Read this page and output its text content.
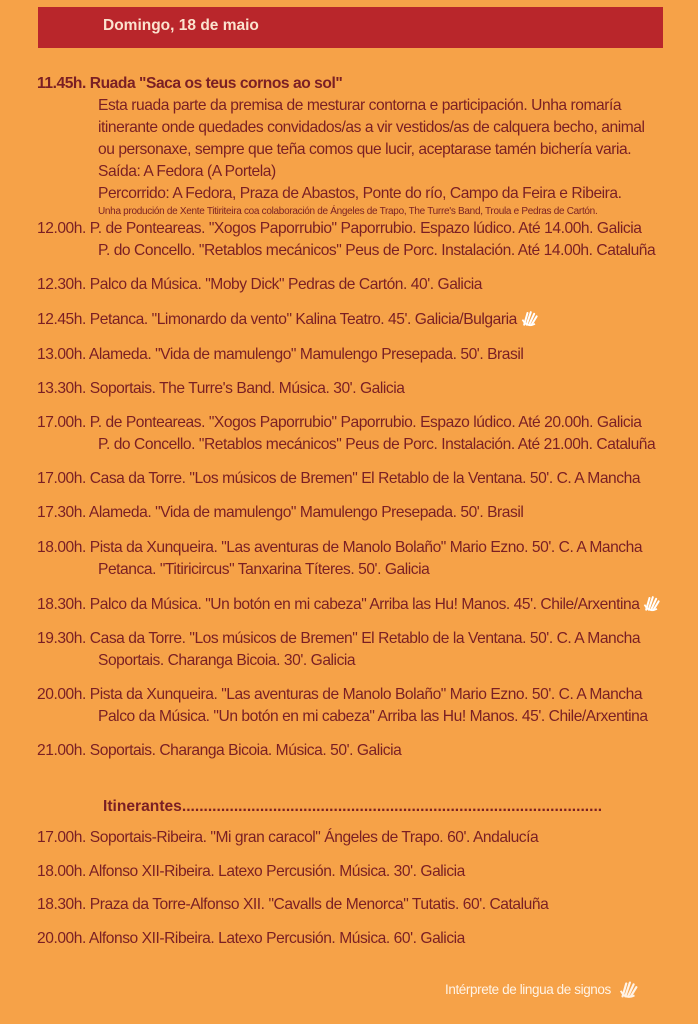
Domingo, 18 de maio
11.45h. Ruada "Saca os teus cornos ao sol"
Esta ruada parte da premisa de mesturar contorna e participación. Unha romaría
itinerante onde quedades convidados/as a vir vestidos/as de calquera becho, animal
ou personaxe, sempre que teña comos que lucir, aceptarase tamén bichería varia.
Saída: A Fedora (A Portela)
Percorrido: A Fedora, Praza de Abastos, Ponte do río, Campo da Feira e Ribeira.
Unha produción de Xente Titiriteira coa colaboración de Ángeles de Trapo, The Turre's Band, Troula e Pedras de Cartón.
12.00h. P. de Ponteareas. "Xogos Paporrubio" Paporrubio. Espazo lúdico. Até 14.00h. Galicia
P. do Concello. "Retablos mecánicos" Peus de Porc. Instalación. Até 14.00h. Cataluña
12.30h. Palco da Música. "Moby Dick" Pedras de Cartón. 40'. Galicia
12.45h. Petanca. "Limonardo da vento" Kalina Teatro. 45'. Galicia/Bulgaria
13.00h. Alameda. "Vida de mamulengo" Mamulengo Presepada. 50'. Brasil
13.30h. Soportais. The Turre's Band. Música. 30'. Galicia
17.00h. P. de Ponteareas. "Xogos Paporrubio" Paporrubio. Espazo lúdico. Até 20.00h. Galicia
P. do Concello. "Retablos mecánicos" Peus de Porc. Instalación. Até 21.00h. Cataluña
17.00h. Casa da Torre. "Los músicos de Bremen" El Retablo de la Ventana. 50'. C. A Mancha
17.30h. Alameda. "Vida de mamulengo" Mamulengo Presepada. 50'. Brasil
18.00h. Pista da Xunqueira. "Las aventuras de Manolo Bolaño" Mario Ezno. 50'. C. A Mancha
Petanca. "Titiricircus" Tanxarina Títeres. 50'. Galicia
18.30h. Palco da Música. "Un botón en mi cabeza" Arriba las Hu! Manos. 45'. Chile/Arxentina
19.30h. Casa da Torre. "Los músicos de Bremen" El Retablo de la Ventana. 50'. C. A Mancha
Soportais. Charanga Bicoia. 30'. Galicia
20.00h. Pista da Xunqueira. "Las aventuras de Manolo Bolaño" Mario Ezno. 50'. C. A Mancha
Palco da Música. "Un botón en mi cabeza" Arriba las Hu! Manos. 45'. Chile/Arxentina
21.00h. Soportais. Charanga Bicoia. Música. 50'. Galicia
Itinerantes.................................................................................................
17.00h. Soportais-Ribeira. "Mi gran caracol" Ángeles de Trapo. 60'. Andalucía
18.00h. Alfonso XII-Ribeira. Latexo Percusión. Música. 30'. Galicia
18.30h. Praza da Torre-Alfonso XII. "Cavalls de Menorca" Tutatis. 60'. Cataluña
20.00h. Alfonso XII-Ribeira. Latexo Percusión. Música. 60'. Galicia
Intérprete de lingua de signos
